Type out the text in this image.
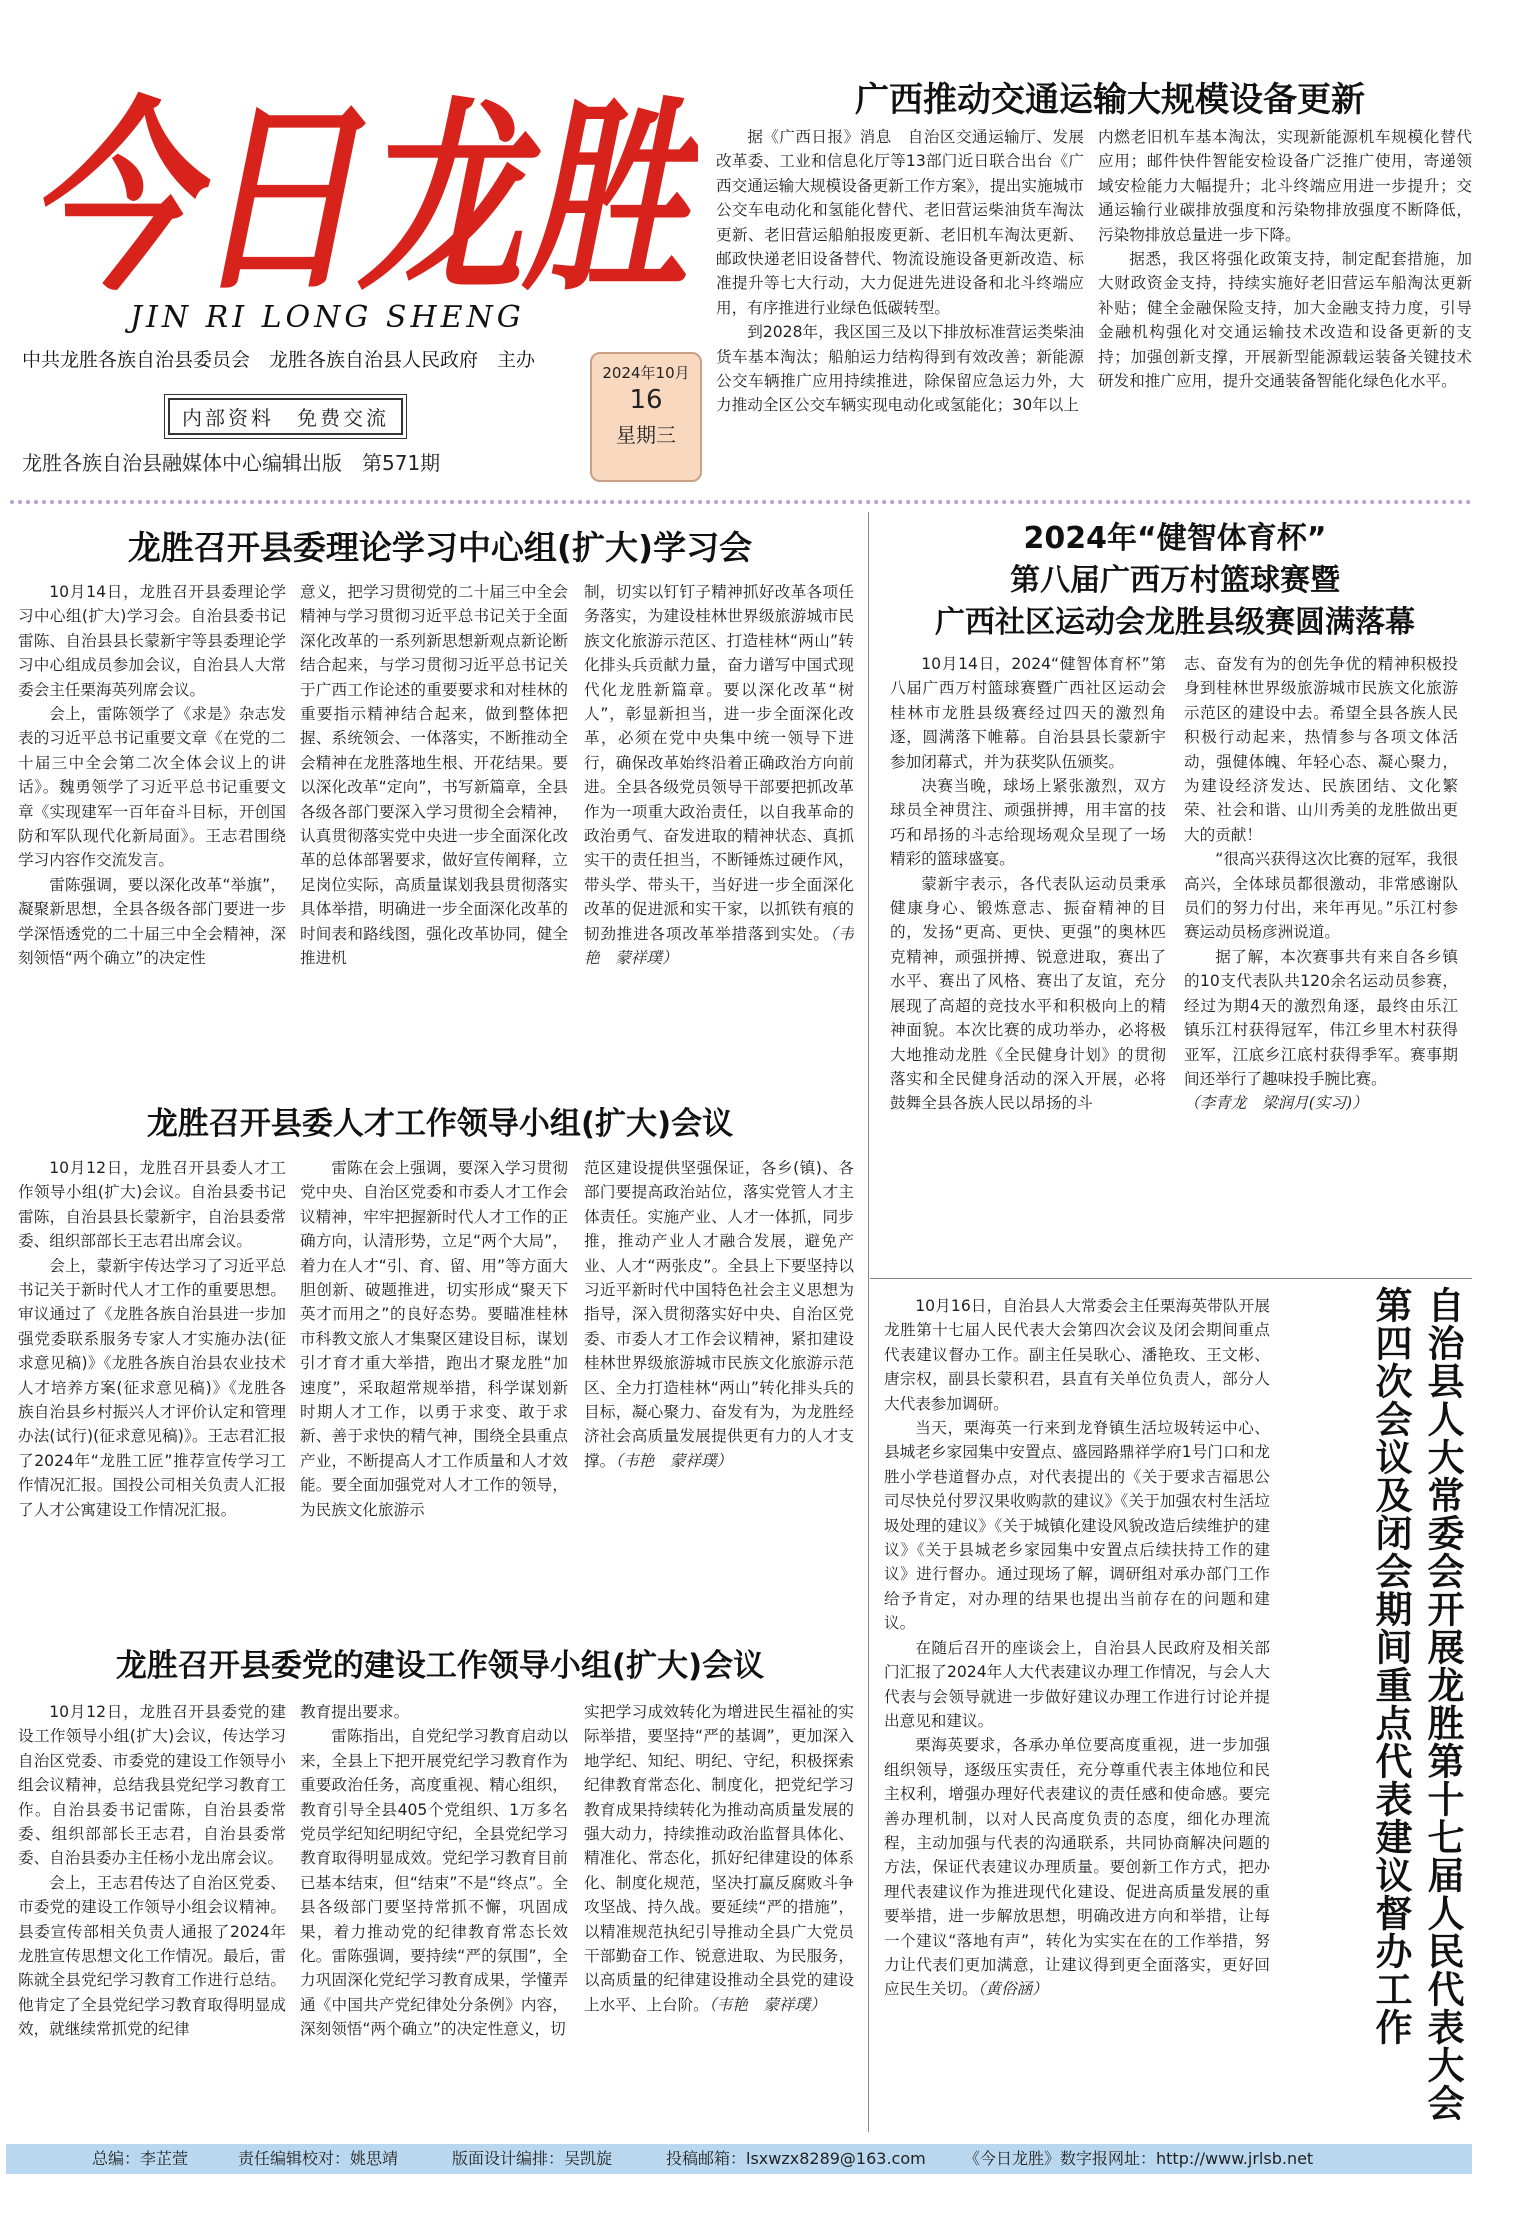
今日龙胜
JIN RI LONG SHENG
中共龙胜各族自治县委员会　龙胜各族自治县人民政府　主办
内部资料　免费交流
龙胜各族自治县融媒体中心编辑出版　第571期
2024年10月
16
星期三
广西推动交通运输大规模设备更新

据《广西日报》消息　自治区交通运输厅、发展改革委、工业和信息化厅等13部门近日联合出台《广西交通运输大规模设备更新工作方案》，提出实施城市公交车电动化和氢能化替代、老旧营运柴油货车淘汰更新、老旧营运船舶报废更新、老旧机车淘汰更新、邮政快递老旧设备替代、物流设施设备更新改造、标准提升等七大行动，大力促进先进设备和北斗终端应用，有序推进行业绿色低碳转型。

到2028年，我区国三及以下排放标准营运类柴油货车基本淘汰；船舶运力结构得到有效改善；新能源公交车辆推广应用持续推进，除保留应急运力外，大力推动全区公交车辆实现电动化或氢能化；30年以上

内燃老旧机车基本淘汰，实现新能源机车规模化替代应用；邮件快件智能安检设备广泛推广使用，寄递领域安检能力大幅提升；北斗终端应用进一步提升；交通运输行业碳排放强度和污染物排放强度不断降低，污染物排放总量进一步下降。

据悉，我区将强化政策支持，制定配套措施，加大财政资金支持，持续实施好老旧营运车船淘汰更新补贴；健全金融保险支持，加大金融支持力度，引导金融机构强化对交通运输技术改造和设备更新的支持；加强创新支撑，开展新型能源载运装备关键技术研发和推广应用，提升交通装备智能化绿色化水平。

龙胜召开县委理论学习中心组(扩大)学习会

10月14日，龙胜召开县委理论学习中心组(扩大)学习会。自治县委书记雷陈、自治县县长蒙新宇等县委理论学习中心组成员参加会议，自治县人大常委会主任栗海英列席会议。

会上，雷陈领学了《求是》杂志发表的习近平总书记重要文章《在党的二十届三中全会第二次全体会议上的讲话》。魏勇领学了习近平总书记重要文章《实现建军一百年奋斗目标，开创国防和军队现代化新局面》。王志君围绕学习内容作交流发言。

雷陈强调，要以深化改革“举旗”，凝聚新思想，全县各级各部门要进一步学深悟透党的二十届三中全会精神，深刻领悟“两个确立”的决定性

意义，把学习贯彻党的二十届三中全会精神与学习贯彻习近平总书记关于全面深化改革的一系列新思想新观点新论断结合起来，与学习贯彻习近平总书记关于广西工作论述的重要要求和对桂林的重要指示精神结合起来，做到整体把握、系统领会、一体落实，不断推动全会精神在龙胜落地生根、开花结果。要以深化改革“定向”，书写新篇章，全县各级各部门要深入学习贯彻全会精神，认真贯彻落实党中央进一步全面深化改革的总体部署要求，做好宣传阐释，立足岗位实际，高质量谋划我县贯彻落实具体举措，明确进一步全面深化改革的时间表和路线图，强化改革协同，健全推进机

制，切实以钉钉子精神抓好改革各项任务落实，为建设桂林世界级旅游城市民族文化旅游示范区、打造桂林“两山”转化排头兵贡献力量，奋力谱写中国式现代化龙胜新篇章。要以深化改革“树人”，彰显新担当，进一步全面深化改革，必须在党中央集中统一领导下进行，确保改革始终沿着正确政治方向前进。全县各级党员领导干部要把抓改革作为一项重大政治责任，以自我革命的政治勇气、奋发进取的精神状态、真抓实干的责任担当，不断锤炼过硬作风，带头学、带头干，当好进一步全面深化改革的促进派和实干家，以抓铁有痕的韧劲推进各项改革举措落到实处。（韦艳　蒙祥璞）

2024年“健智体育杯”
第八届广西万村篮球赛暨
广西社区运动会龙胜县级赛圆满落幕

10月14日，2024“健智体育杯”第八届广西万村篮球赛暨广西社区运动会桂林市龙胜县级赛经过四天的激烈角逐，圆满落下帷幕。自治县县长蒙新宇参加闭幕式，并为获奖队伍颁奖。

决赛当晚，球场上紧张激烈，双方球员全神贯注、顽强拼搏，用丰富的技巧和昂扬的斗志给现场观众呈现了一场精彩的篮球盛宴。

蒙新宇表示，各代表队运动员秉承健康身心、锻炼意志、振奋精神的目的，发扬“更高、更快、更强”的奥林匹克精神，顽强拼搏、锐意进取，赛出了水平、赛出了风格、赛出了友谊，充分展现了高超的竞技水平和积极向上的精神面貌。本次比赛的成功举办，必将极大地推动龙胜《全民健身计划》的贯彻落实和全民健身活动的深入开展，必将鼓舞全县各族人民以昂扬的斗

志、奋发有为的创先争优的精神积极投身到桂林世界级旅游城市民族文化旅游示范区的建设中去。希望全县各族人民积极行动起来，热情参与各项文体活动，强健体魄、年轻心态、凝心聚力，为建设经济发达、民族团结、文化繁荣、社会和谐、山川秀美的龙胜做出更大的贡献！

“很高兴获得这次比赛的冠军，我很高兴，全体球员都很激动，非常感谢队员们的努力付出，来年再见。”乐江村参赛运动员杨彦洲说道。

据了解，本次赛事共有来自各乡镇的10支代表队共120余名运动员参赛，经过为期4天的激烈角逐，最终由乐江镇乐江村获得冠军，伟江乡里木村获得亚军，江底乡江底村获得季军。赛事期间还举行了趣味投手腕比赛。

（李青龙　梁润月(实习)）

龙胜召开县委人才工作领导小组(扩大)会议

10月12日，龙胜召开县委人才工作领导小组(扩大)会议。自治县委书记雷陈，自治县县长蒙新宇，自治县委常委、组织部部长王志君出席会议。

会上，蒙新宇传达学习了习近平总书记关于新时代人才工作的重要思想。审议通过了《龙胜各族自治县进一步加强党委联系服务专家人才实施办法(征求意见稿)》《龙胜各族自治县农业技术人才培养方案(征求意见稿)》《龙胜各族自治县乡村振兴人才评价认定和管理办法(试行)(征求意见稿)》。王志君汇报了2024年“龙胜工匠”推荐宣传学习工作情况汇报。国投公司相关负责人汇报了人才公寓建设工作情况汇报。

雷陈在会上强调，要深入学习贯彻党中央、自治区党委和市委人才工作会议精神，牢牢把握新时代人才工作的正确方向，认清形势，立足“两个大局”，着力在人才“引、育、留、用”等方面大胆创新、破题推进，切实形成“聚天下英才而用之”的良好态势。要瞄准桂林市科教文旅人才集聚区建设目标，谋划引才育才重大举措，跑出才聚龙胜“加速度”，采取超常规举措，科学谋划新时期人才工作，以勇于求变、敢于求新、善于求快的精气神，围绕全县重点产业，不断提高人才工作质量和人才效能。要全面加强党对人才工作的领导，为民族文化旅游示

范区建设提供坚强保证，各乡(镇)、各部门要提高政治站位，落实党管人才主体责任。实施产业、人才一体抓，同步推，推动产业人才融合发展，避免产业、人才“两张皮”。全县上下要坚持以习近平新时代中国特色社会主义思想为指导，深入贯彻落实好中央、自治区党委、市委人才工作会议精神，紧扣建设桂林世界级旅游城市民族文化旅游示范区、全力打造桂林“两山”转化排头兵的目标，凝心聚力、奋发有为，为龙胜经济社会高质量发展提供更有力的人才支撑。（韦艳　蒙祥璞）

龙胜召开县委党的建设工作领导小组(扩大)会议

10月12日，龙胜召开县委党的建设工作领导小组(扩大)会议，传达学习自治区党委、市委党的建设工作领导小组会议精神，总结我县党纪学习教育工作。自治县委书记雷陈，自治县委常委、组织部部长王志君，自治县委常委、自治县委办主任杨小龙出席会议。

会上，王志君传达了自治区党委、市委党的建设工作领导小组会议精神。县委宣传部相关负责人通报了2024年龙胜宣传思想文化工作情况。最后，雷陈就全县党纪学习教育工作进行总结。他肯定了全县党纪学习教育取得明显成效，就继续常抓党的纪律

教育提出要求。

雷陈指出，自党纪学习教育启动以来，全县上下把开展党纪学习教育作为重要政治任务，高度重视、精心组织，教育引导全县405个党组织、1万多名党员学纪知纪明纪守纪，全县党纪学习教育取得明显成效。党纪学习教育目前已基本结束，但“结束”不是“终点”。全县各级部门要坚持常抓不懈，巩固成果，着力推动党的纪律教育常态长效化。雷陈强调，要持续“严的氛围”，全力巩固深化党纪学习教育成果，学懂弄通《中国共产党纪律处分条例》内容，深刻领悟“两个确立”的决定性意义，切

实把学习成效转化为增进民生福祉的实际举措，要坚持“严的基调”，更加深入地学纪、知纪、明纪、守纪，积极探索纪律教育常态化、制度化，把党纪学习教育成果持续转化为推动高质量发展的强大动力，持续推动政治监督具体化、精准化、常态化，抓好纪律建设的体系化、制度化规范，坚决打赢反腐败斗争攻坚战、持久战。要延续“严的措施”，以精准规范执纪引导推动全县广大党员干部勤奋工作、锐意进取、为民服务，以高质量的纪律建设推动全县党的建设上水平、上台阶。（韦艳　蒙祥璞）

10月16日，自治县人大常委会主任栗海英带队开展龙胜第十七届人民代表大会第四次会议及闭会期间重点代表建议督办工作。副主任吴耿心、潘艳玫、王文彬、唐宗权，副县长蒙积君，县直有关单位负责人，部分人大代表参加调研。

当天，栗海英一行来到龙脊镇生活垃圾转运中心、县城老乡家园集中安置点、盛园路鼎祥学府1号门口和龙胜小学巷道督办点，对代表提出的《关于要求吉福思公司尽快兑付罗汉果收购款的建议》《关于加强农村生活垃圾处理的建议》《关于城镇化建设风貌改造后续维护的建议》《关于县城老乡家园集中安置点后续扶持工作的建议》进行督办。通过现场了解，调研组对承办部门工作给予肯定，对办理的结果也提出当前存在的问题和建议。

在随后召开的座谈会上，自治县人民政府及相关部门汇报了2024年人大代表建议办理工作情况，与会人大代表与会领导就进一步做好建议办理工作进行讨论并提出意见和建议。

栗海英要求，各承办单位要高度重视，进一步加强组织领导，逐级压实责任，充分尊重代表主体地位和民主权利，增强办理好代表建议的责任感和使命感。要完善办理机制，以对人民高度负责的态度，细化办理流程，主动加强与代表的沟通联系，共同协商解决问题的方法，保证代表建议办理质量。要创新工作方式，把办理代表建议作为推进现代化建设、促进高质量发展的重要举措，进一步解放思想，明确改进方向和举措，让每一个建议“落地有声”，转化为实实在在的工作举措，努力让代表们更加满意，让建议得到更全面落实，更好回应民生关切。（黄俗涵）	自治县人大常委会开展龙胜第十七届人民代表大会第四次会议及闭会期间重点代表建议督办工作
总编：李芷萱	责任编辑校对：姚思靖	版面设计编排：吴凯旋	投稿邮箱：lsxwzx8289@163.com 《今日龙胜》数字报网址：http://www.jrlsb.net
